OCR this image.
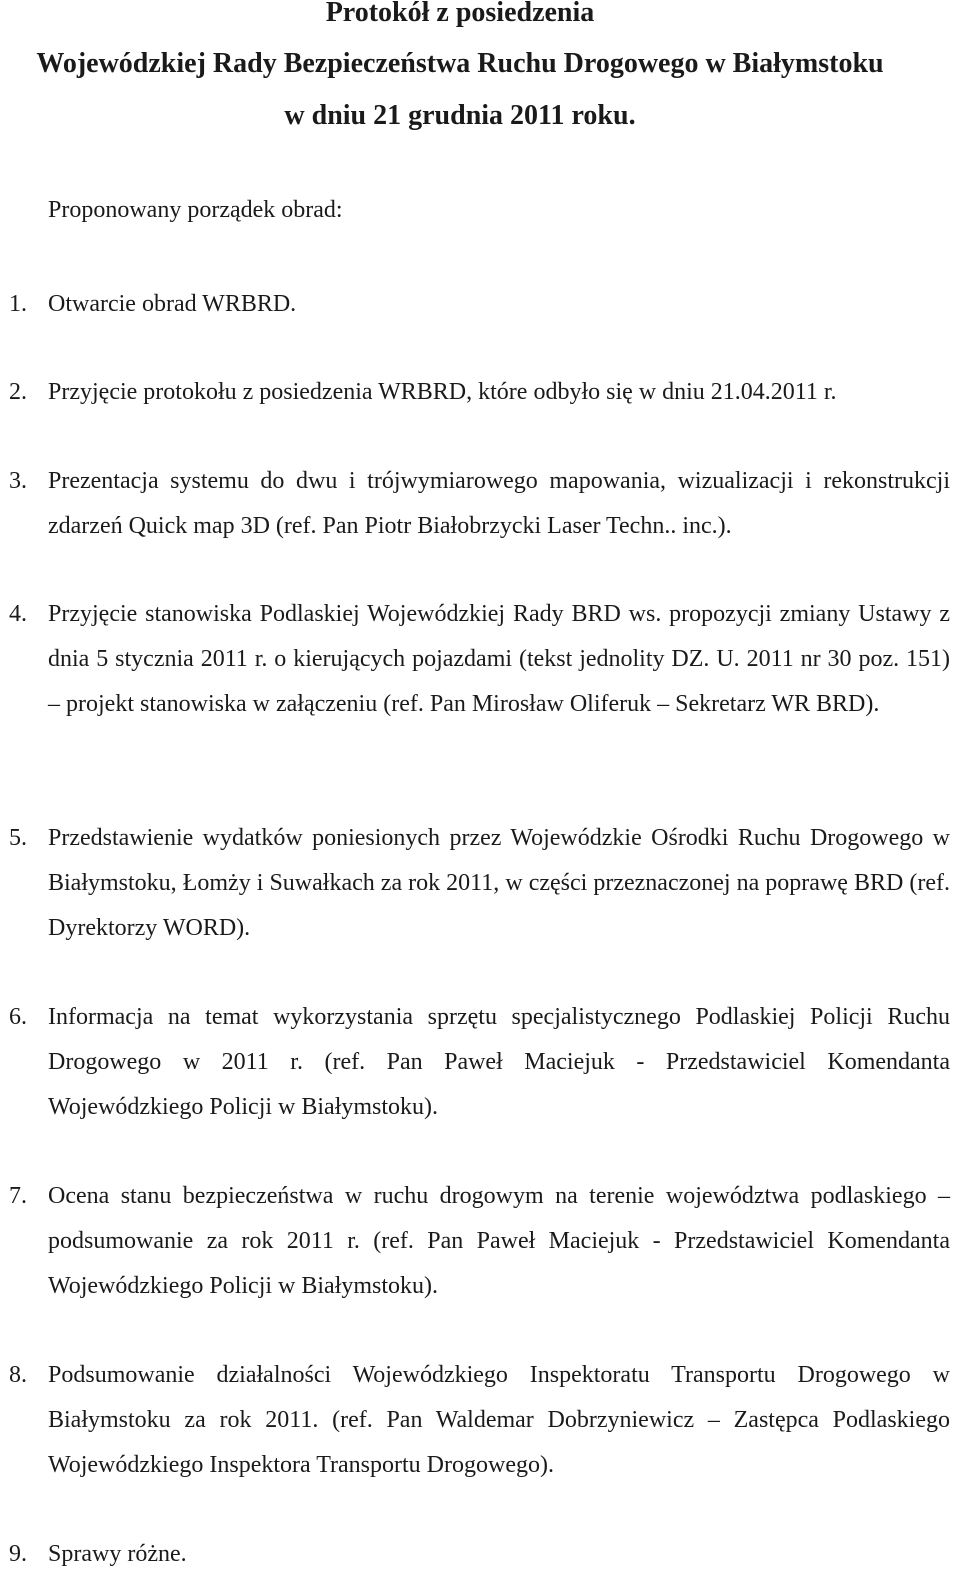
Protokół z posiedzenia
Wojewódzkiej Rady Bezpieczeństwa Ruchu Drogowego w Białymstoku
w dniu 21 grudnia 2011 roku.
Proponowany porządek obrad:
1. Otwarcie obrad WRBRD.
2. Przyjęcie protokołu z posiedzenia WRBRD, które odbyło się w dniu 21.04.2011 r.
3. Prezentacja systemu do dwu i trójwymiarowego mapowania, wizualizacji i rekonstrukcji zdarzeń Quick map 3D (ref. Pan Piotr Białobrzycki Laser Techn.. inc.).
4. Przyjęcie stanowiska Podlaskiej Wojewódzkiej Rady BRD ws. propozycji zmiany Ustawy z dnia 5 stycznia 2011 r. o kierujących pojazdami (tekst jednolity DZ. U. 2011 nr 30 poz. 151) – projekt stanowiska w załączeniu (ref. Pan Mirosław Oliferuk – Sekretarz WR BRD).
5. Przedstawienie wydatków poniesionych przez Wojewódzkie Ośrodki Ruchu Drogowego w Białymstoku, Łomży i Suwałkach za rok 2011, w części przeznaczonej na poprawę BRD (ref. Dyrektorzy WORD).
6. Informacja na temat wykorzystania sprzętu specjalistycznego Podlaskiej Policji Ruchu Drogowego w 2011 r. (ref. Pan Paweł Maciejuk - Przedstawiciel Komendanta Wojewódzkiego Policji w Białymstoku).
7. Ocena stanu bezpieczeństwa w ruchu drogowym na terenie województwa podlaskiego – podsumowanie za rok 2011 r. (ref. Pan Paweł Maciejuk - Przedstawiciel Komendanta Wojewódzkiego Policji w Białymstoku).
8. Podsumowanie działalności Wojewódzkiego Inspektoratu Transportu Drogowego w Białymstoku za rok 2011. (ref. Pan Waldemar Dobrzyniewicz – Zastępca Podlaskiego Wojewódzkiego Inspektora Transportu Drogowego).
9. Sprawy różne.
